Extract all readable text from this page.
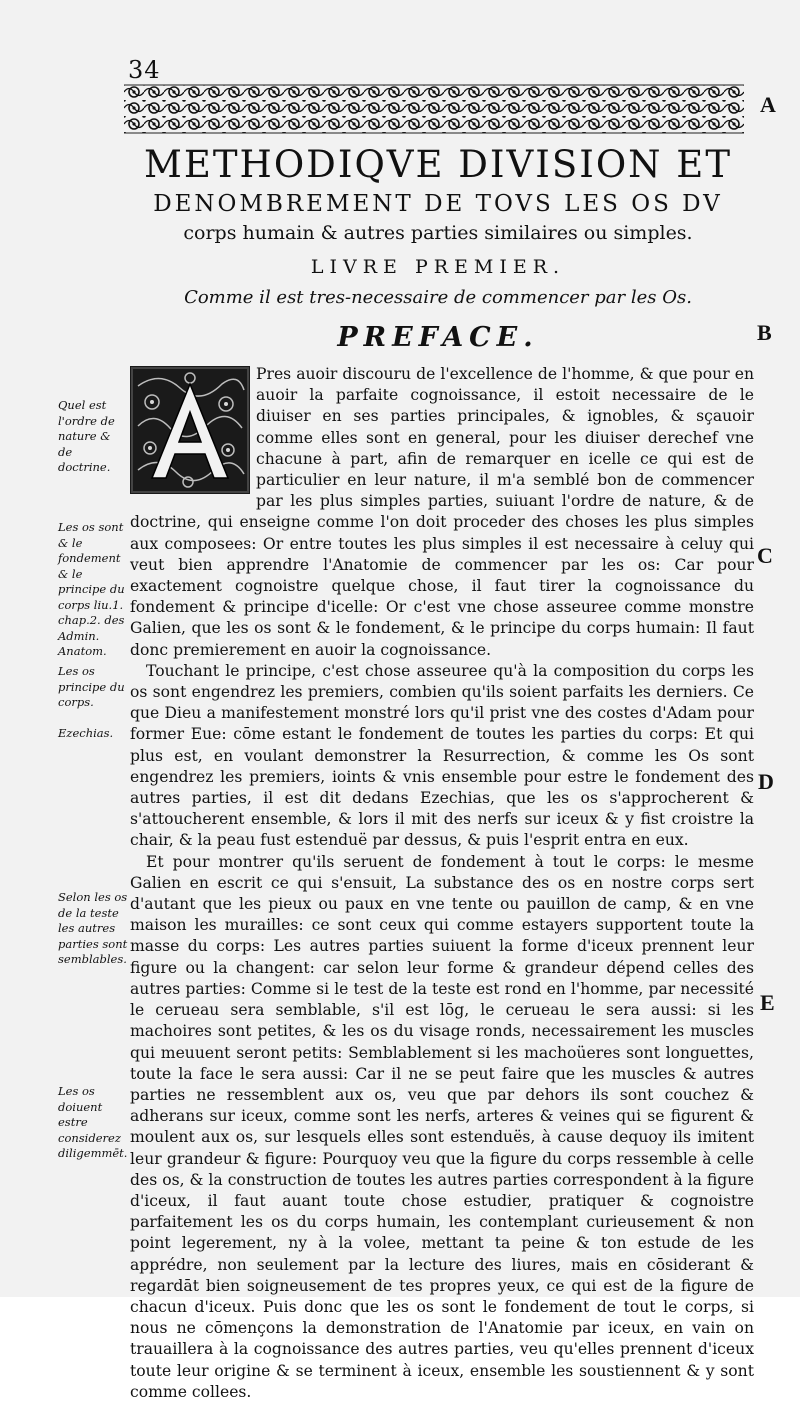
34
A
B
C
D
E
METHODIQVE DIVISION ET
DENOMBREMENT DE TOVS LES OS DV
corps humain & autres parties similaires ou simples.
LIVRE PREMIER.
Comme il est tres-necessaire de commencer par les Os.
PREFACE.

Pres auoir discouru de l'excellence de l'homme, & que pour en auoir la parfaite cognoissance, il estoit necessaire de le diuiser en ses parties principales, & ignobles, & sçauoir comme elles sont en general, pour les diuiser derechef vne chacune à part, afin de remarquer en icelle ce qui est de particulier en leur nature, il m'a semblé bon de commencer par les plus simples parties, suiuant l'ordre de nature, & de doctrine, qui enseigne comme l'on doit proceder des choses les plus simples aux composees: Or entre toutes les plus simples il est necessaire à celuy qui veut bien apprendre l'Anatomie de commencer par les os: Car pour exactement cognoistre quelque chose, il faut tirer la cognoissance du fondement & principe d'icelle: Or c'est vne chose asseuree comme monstre Galien, que les os sont & le fondement, & le principe du corps humain: Il faut donc premierement en auoir la cognoissance.

Touchant le principe, c'est chose asseuree qu'à la composition du corps les os sont engendrez les premiers, combien qu'ils soient parfaits les derniers. Ce que Dieu a manifestement monstré lors qu'il prist vne des costes d'Adam pour former Eue: cōme estant le fondement de toutes les parties du corps: Et qui plus est, en voulant demonstrer la Resurrection, & comme les Os sont engendrez les premiers, ioints & vnis ensemble pour estre le fondement des autres parties, il est dit dedans Ezechias, que les os s'approcherent & s'attoucherent ensemble, & lors il mit des nerfs sur iceux & y fist croistre la chair, & la peau fust estenduë par dessus, & puis l'esprit entra en eux.

Et pour montrer qu'ils seruent de fondement à tout le corps: le mesme Galien en escrit ce qui s'ensuit, La substance des os en nostre corps sert d'autant que les pieux ou paux en vne tente ou pauillon de camp, & en vne maison les murailles: ce sont ceux qui comme estayers supportent toute la masse du corps: Les autres parties suiuent la forme d'iceux prennent leur figure ou la changent: car selon leur forme & grandeur dépend celles des autres parties: Comme si le test de la teste est rond en l'homme, par necessité le cerueau sera semblable, s'il est lōg, le cerueau le sera aussi: si les machoires sont petites, & les os du visage ronds, necessairement les muscles qui meuuent seront petits: Semblablement si les machoüeres sont longuettes, toute la face le sera aussi: Car il ne se peut faire que les muscles & autres parties ne ressemblent aux os, veu que par dehors ils sont couchez & adherans sur iceux, comme sont les nerfs, arteres & veines qui se figurent & moulent aux os, sur lesquels elles sont estenduës, à cause dequoy ils imitent leur grandeur & figure: Pourquoy veu que la figure du corps ressemble à celle des os, & la construction de toutes les autres parties correspondent à la figure d'iceux, il faut auant toute chose estudier, pratiquer & cognoistre parfaitement les os du corps humain, les contemplant curieusement & non point legerement, ny à la volee, mettant ta peine & ton estude de les apprédre, non seulement par la lecture des liures, mais en cōsiderant & regardāt bien soigneusement de tes propres yeux, ce qui est de la figure de chacun d'iceux. Puis donc que les os sont le fondement de tout le corps, si nous ne cōmençons la demonstration de l'Anatomie par iceux, en vain on trauaillera à la cognoissance des autres parties, veu qu'elles prennent d'iceux toute leur origine & se terminent à iceux, ensemble les soustiennent & y sont comme collees.

Quel est l'ordre de nature & de doctrine.
Les os sont & le fondement & le principe du corps liu.1. chap.2. des Admin. Anatom.
Les os principe du corps.
Ezechias.
Selon les os de la teste les autres parties sont semblables.
Les os doiuent estre considerez diligemmēt.
